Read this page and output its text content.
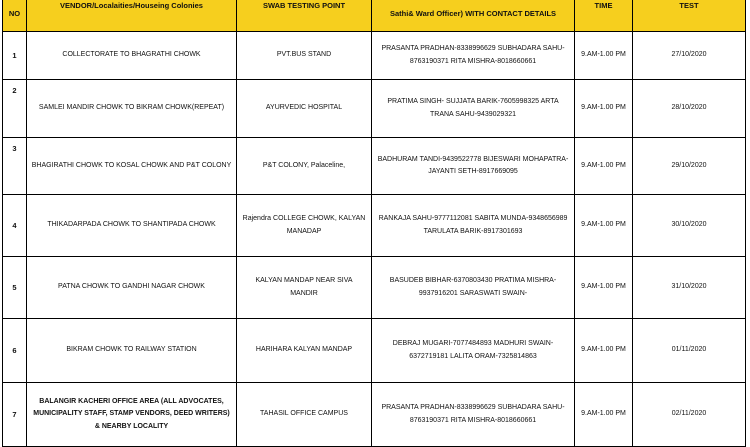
NO	VENDOR/Localaities/Houseing Colonies	SWAB TESTING POINT	Sathi& Ward Officer) WITH CONTACT DETAILS	TIME	TEST
1	COLLECTORATE TO BHAGRATHI CHOWK	PVT.BUS STAND	PRASANTA PRADHAN-8338996629 SUBHADARA SAHU-8763190371 RITA MISHRA-8018660661	9.AM-1.00 PM	27/10/2020
2	SAMLEI MANDIR CHOWK TO BIKRAM CHOWK(REPEAT)	AYURVEDIC HOSPITAL	PRATIMA SINGH- SUJJATA BARIK-7605998325 ARTA TRANA SAHU-9439029321	9.AM-1.00 PM	28/10/2020
3	BHAGIRATHI CHOWK TO KOSAL CHOWK AND P&T COLONY	P&T COLONY, Palaceline,	BADHURAM TANDI-9439522778 BIJESWARI MOHAPATRA- JAYANTI SETH-8917669095	9.AM-1.00 PM	29/10/2020
4	THIKADARPADA CHOWK TO SHANTIPADA CHOWK	Rajendra COLLEGE CHOWK, KALYAN MANADAP	RANKAJA SAHU-9777112081 SABITA MUNDA-9348656989 TARULATA BARIK-8917301693	9.AM-1.00 PM	30/10/2020
5	PATNA CHOWK TO GANDHI NAGAR CHOWK	KALYAN MANDAP NEAR SIVA MANDIR	BASUDEB BIBHAR-6370803430 PRATIMA MISHRA-9937916201 SARASWATI SWAIN-	9.AM-1.00 PM	31/10/2020
6	BIKRAM CHOWK TO RAILWAY STATION	HARIHARA KALYAN MANDAP	DEBRAJ MUGARI-7077484893 MADHURI SWAIN-6372719181 LALITA ORAM-7325814863	9.AM-1.00 PM	01/11/2020
7	BALANGIR KACHERI OFFICE AREA (ALL ADVOCATES, MUNICIPALITY STAFF, STAMP VENDORS, DEED WRITERS) & NEARBY LOCALITY	TAHASIL OFFICE CAMPUS	PRASANTA PRADHAN-8338996629 SUBHADARA SAHU-8763190371 RITA MISHRA-8018660661	9.AM-1.00 PM	02/11/2020
